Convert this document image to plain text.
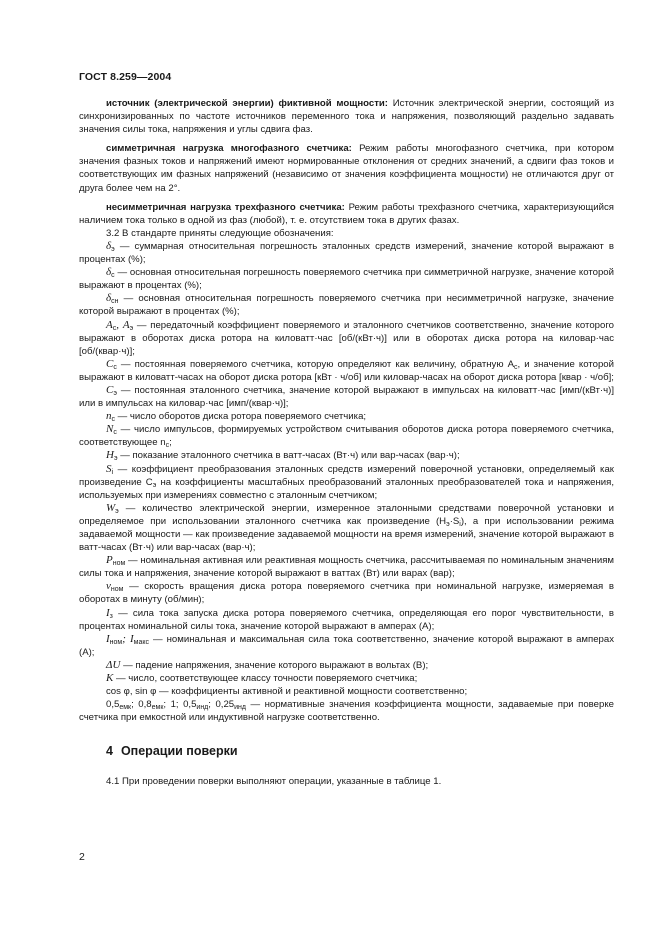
ГОСТ 8.259—2004

источник (электрической энергии) фиктивной мощности: Источник электрической энергии, состоящий из синхронизированных по частоте источников переменного тока и напряжения, позволяющий раздельно задавать значения силы тока, напряжения и углы сдвига фаз.

симметричная нагрузка многофазного счетчика: Режим работы многофазного счетчика, при котором значения фазных токов и напряжений имеют нормированные отклонения от средних значений, а сдвиги фаз токов и соответствующих им фазных напряжений (независимо от значения коэффициента мощности) не отличаются друг от друга более чем на 2°.

несимметричная нагрузка трехфазного счетчика: Режим работы трехфазного счетчика, характеризующийся наличием тока только в одной из фаз (любой), т. е. отсутствием тока в других фазах.

3.2 В стандарте приняты следующие обозначения:

$\delta_э$ — суммарная относительная погрешность эталонных средств измерений, значение которой выражают в процентах (%);

$\delta_с$ — основная относительная погрешность поверяемого счетчика при симметричной нагрузке, значение которой выражают в процентах (%);

$\delta_{сн}$ — основная относительная погрешность поверяемого счетчика при несимметричной нагрузке, значение которой выражают в процентах (%);

$A_с$, $A_э$ — передаточный коэффициент поверяемого и эталонного счетчиков соответственно, значение которого выражают в оборотах диска ротора на киловатт·час [об/(кВт·ч)] или в оборотах диска ротора на киловар·час [об/(квар·ч)];

$C_с$ — постоянная поверяемого счетчика, которую определяют как величину, обратную $A_с$, и значение которой выражают в киловатт-часах на оборот диска ротора [кВт · ч/об] или киловар-часах на оборот диска ротора [квар · ч/об];

$C_э$ — постоянная эталонного счетчика, значение которой выражают в импульсах на киловатт·час [имп/(кВт·ч)] или в импульсах на киловар·час [имп/(квар·ч)];

$n_с$ — число оборотов диска ротора поверяемого счетчика;

$N_с$ — число импульсов, формируемых устройством считывания оборотов диска ротора поверяемого счетчика, соответствующее $n_с$;

$H_э$ — показание эталонного счетчика в ватт-часах (Вт·ч) или вар-часах (вар·ч);

$S_i$ — коэффициент преобразования эталонных средств измерений поверочной установки, определяемый как произведение $C_э$ на коэффициенты масштабных преобразований эталонных преобразователей тока и напряжения, используемых при измерениях совместно с эталонным счетчиком;

$W_э$ — количество электрической энергии, измеренное эталонными средствами поверочной установки и определяемое при использовании эталонного счетчика как произведение $(H_э\cdot S_i)$, а при использовании режима задаваемой мощности — как произведение задаваемой мощности на время измерений, значение которой выражают в ватт-часах (Вт·ч) или вар-часах (вар·ч);

$P_{ном}$ — номинальная активная или реактивная мощность счетчика, рассчитываемая по номинальным значениям силы тока и напряжения, значение которой выражают в ваттах (Вт) или варах (вар);

$v_{ном}$ — скорость вращения диска ротора поверяемого счетчика при номинальной нагрузке, измеряемая в оборотах в минуту (об/мин);

$I_з$ — сила тока запуска диска ротора поверяемого счетчика, определяющая его порог чувствительности, в процентах номинальной силы тока, значение которой выражают в амперах (А);

$I_{ном}$; $I_{макс}$ — номинальная и максимальная сила тока соответственно, значение которой выражают в амперах (А);

ΔU — падение напряжения, значение которого выражают в вольтах (В);

K — число, соответствующее классу точности поверяемого счетчика;

cos φ, sin φ — коэффициенты активной и реактивной мощности соответственно;

$0,5_{емк}$; $0,8_{емк}$; 1; $0,5_{инд}$; $0,25_{инд}$ — нормативные значения коэффициента мощности, задаваемые при поверке счетчика при емкостной или индуктивной нагрузке соответственно.

4 Операции поверки
4.1 При проведении поверки выполняют операции, указанные в таблице 1.
2
